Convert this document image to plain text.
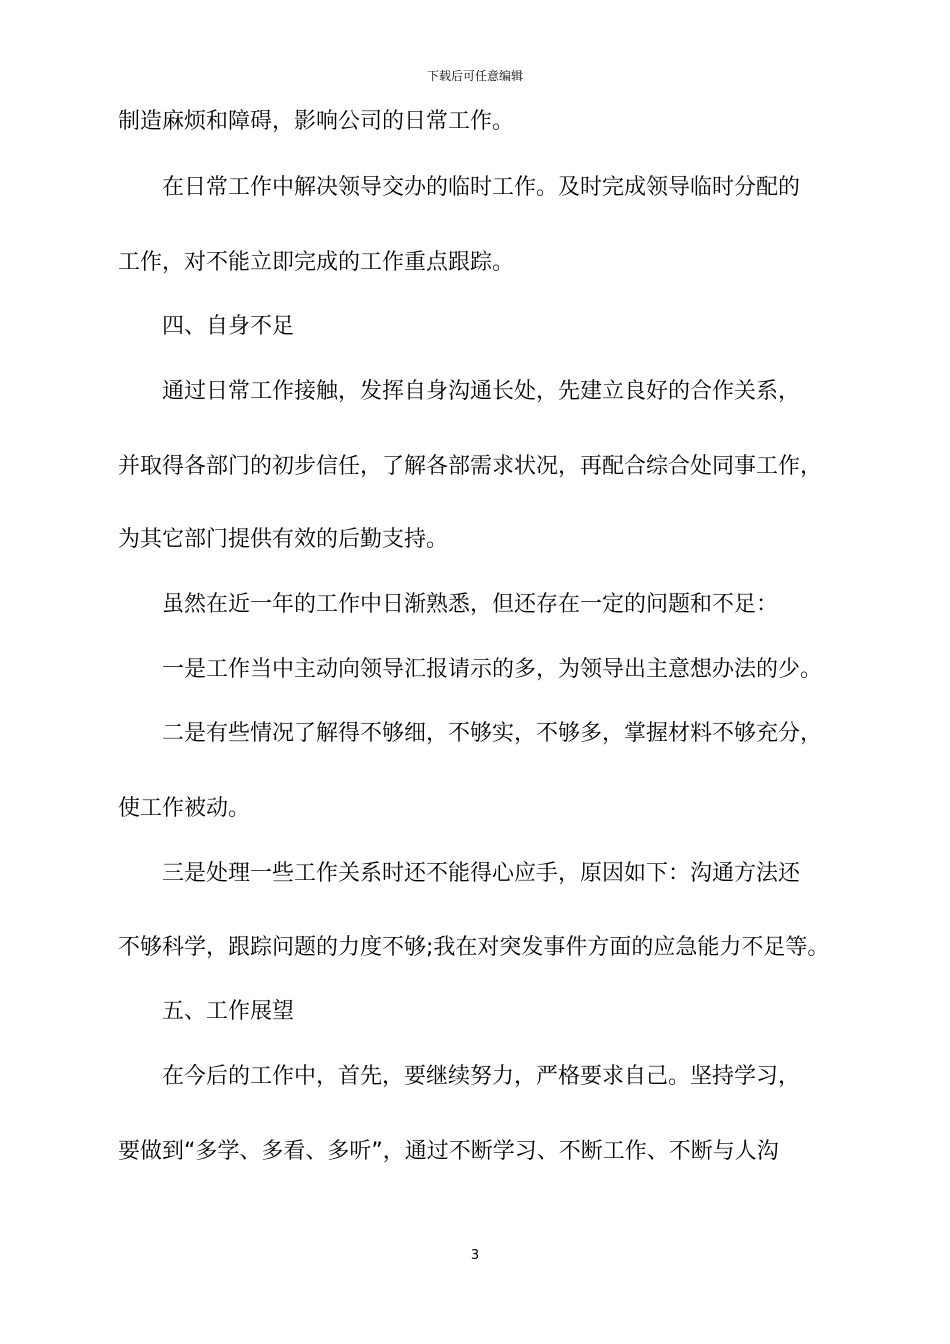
下载后可任意编辑
制造麻烦和障碍，影响公司的日常工作。
在日常工作中解决领导交办的临时工作。及时完成领导临时分配的
工作，对不能立即完成的工作重点跟踪。
四、自身不足
通过日常工作接触，发挥自身沟通长处，先建立良好的合作关系，
并取得各部门的初步信任，了解各部需求状况，再配合综合处同事工作，
为其它部门提供有效的后勤支持。
虽然在近一年的工作中日渐熟悉，但还存在一定的问题和不足：
一是工作当中主动向领导汇报请示的多，为领导出主意想办法的少。
二是有些情况了解得不够细，不够实，不够多，掌握材料不够充分，
使工作被动。
三是处理一些工作关系时还不能得心应手，原因如下：沟通方法还
不够科学，跟踪问题的力度不够;我在对突发事件方面的应急能力不足等。
五、工作展望
在今后的工作中，首先，要继续努力，严格要求自己。坚持学习，
要做到“多学、多看、多听”，通过不断学习、不断工作、不断与人沟
3
